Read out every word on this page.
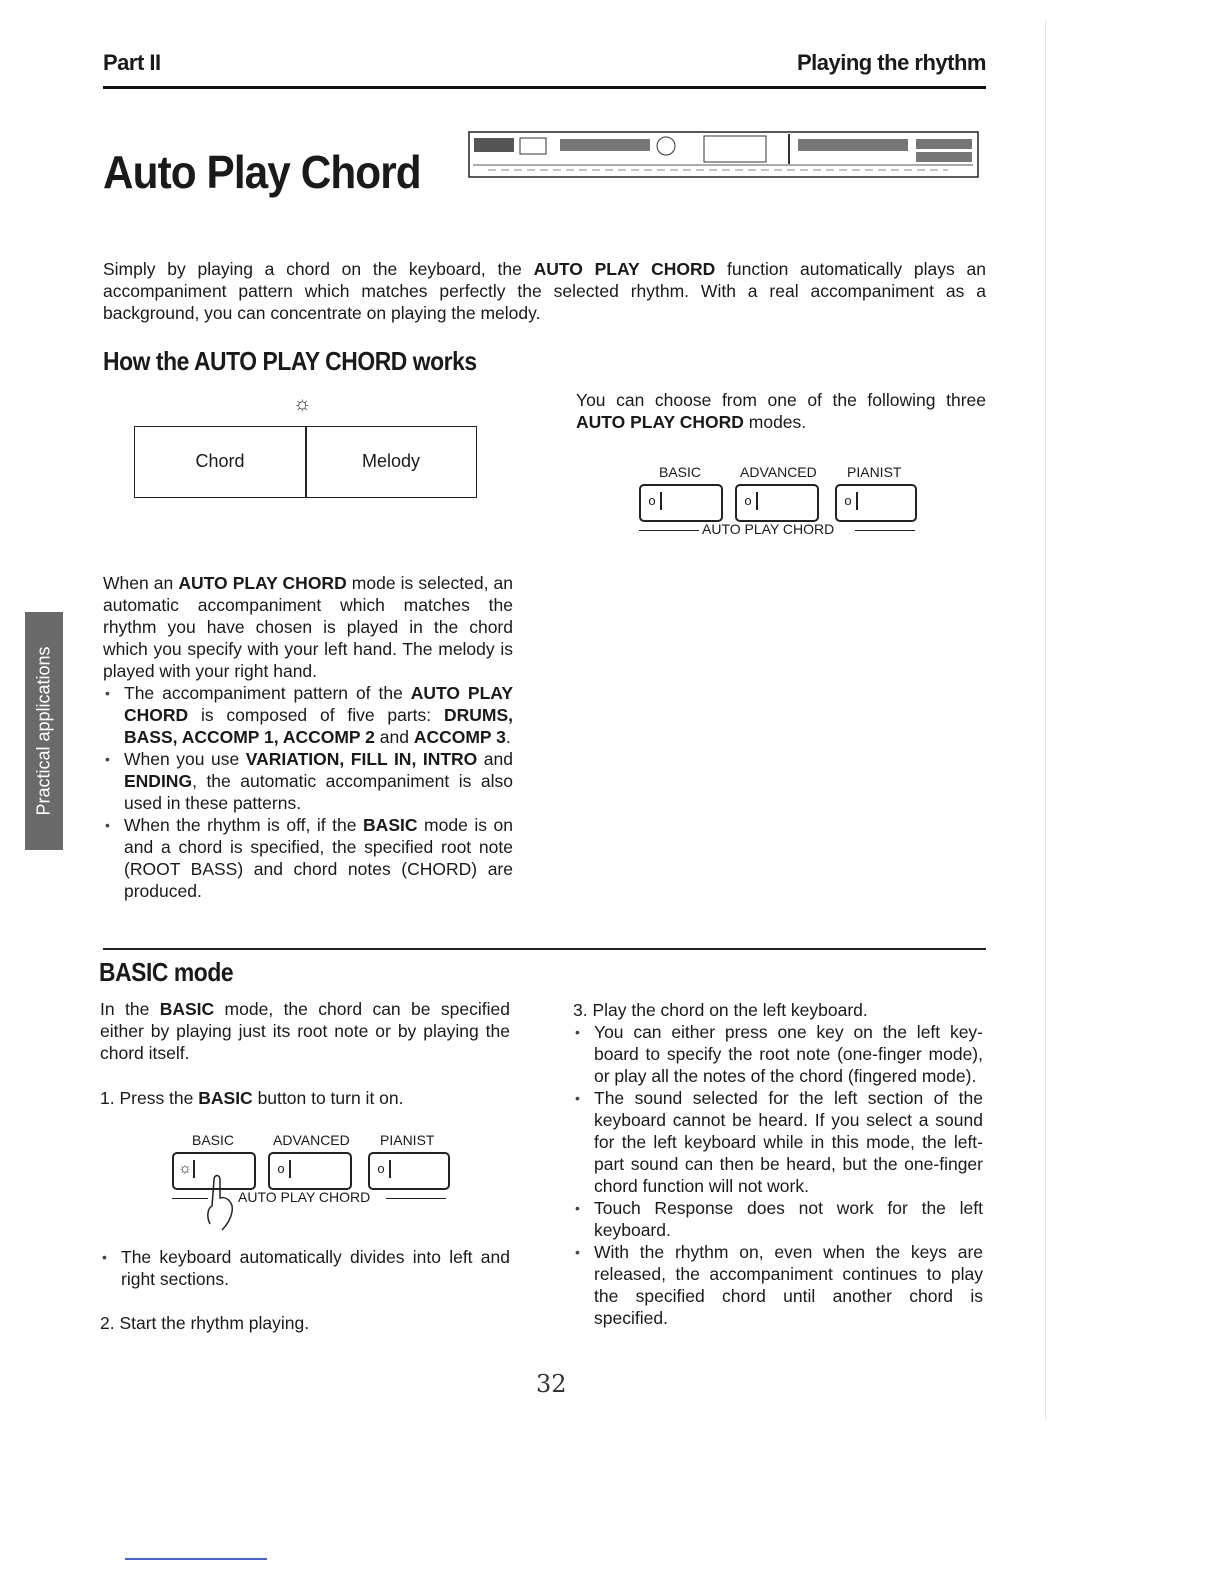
Part II	Playing the rhythm
Auto Play Chord
Simply by playing a chord on the keyboard, the AUTO PLAY CHORD function automatically plays an accompaniment pattern which matches perfectly the selected rhythm. With a real accompaniment as a background, you can concentrate on playing the melody.
How the AUTO PLAY CHORD works
☼
Chord	Melody
You can choose from one of the following three AUTO PLAY CHORD modes.
BASIC	ADVANCED PIANIST
o	o	o
AUTO PLAY CHORD
When an AUTO PLAY CHORD mode is selected, an automatic accompaniment which matches the rhythm you have chosen is played in the chord which you specify with your left hand. The melody is played with your right hand.
• The accompaniment pattern of the AUTO PLAY CHORD is composed of five parts: DRUMS, BASS, ACCOMP 1, ACCOMP 2 and ACCOMP 3.
• When you use VARIATION, FILL IN, INTRO and ENDING, the automatic accompaniment is also used in these patterns.
• When the rhythm is off, if the BASIC mode is on and a chord is specified, the specified root note (ROOT BASS) and chord notes (CHORD) are produced.
BASIC mode
In the BASIC mode, the chord can be specified either by playing just its root note or by playing the chord itself.
1. Press the BASIC button to turn it on.
BASIC	ADVANCED PIANIST
☼	o	o
AUTO PLAY CHORD
• The keyboard automatically divides into left and right sections.
2. Start the rhythm playing.
3. Play the chord on the left keyboard.
• You can either press one key on the left key-board to specify the root note (one-finger mode), or play all the notes of the chord (fingered mode).
• The sound selected for the left section of the keyboard cannot be heard. If you select a sound for the left keyboard while in this mode, the left-part sound can then be heard, but the one-finger chord function will not work.
• Touch Response does not work for the left keyboard.
• With the rhythm on, even when the keys are released, the accompaniment continues to play the specified chord until another chord is specified.
Practical applications
32
